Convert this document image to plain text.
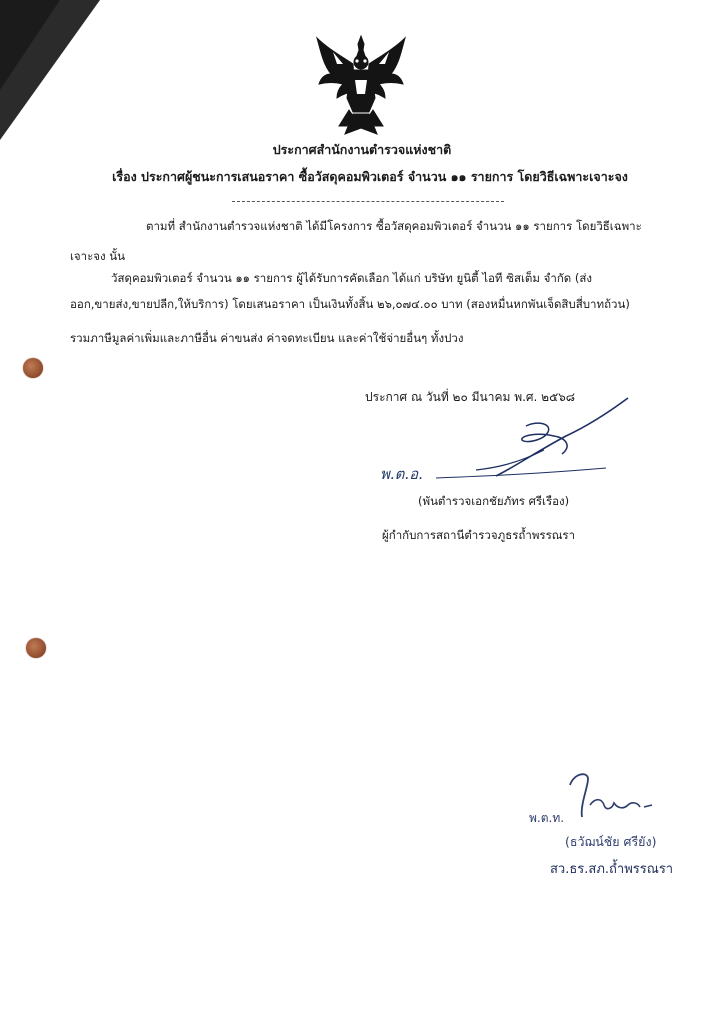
ประกาศสำนักงานตำรวจแห่งชาติ
เรื่อง ประกาศผู้ชนะการเสนอราคา ซื้อวัสดุคอมพิวเตอร์ จำนวน ๑๑ รายการ โดยวิธีเฉพาะเจาะจง
ตามที่ สำนักงานตำรวจแห่งชาติ ได้มีโครงการ ซื้อวัสดุคอมพิวเตอร์ จำนวน ๑๑ รายการ โดยวิธีเฉพาะ
เจาะจง นั้น
วัสดุคอมพิวเตอร์ จำนวน ๑๑ รายการ ผู้ได้รับการคัดเลือก ได้แก่ บริษัท ยูนิตี้ ไอที ซิสเต็ม จำกัด (ส่ง
ออก,ขายส่ง,ขายปลีก,ให้บริการ) โดยเสนอราคา เป็นเงินทั้งสิ้น ๒๖,๐๗๔.๐๐ บาท (สองหมื่นหกพันเจ็ดสิบสี่บาทถ้วน)
รวมภาษีมูลค่าเพิ่มและภาษีอื่น ค่าขนส่ง ค่าจดทะเบียน และค่าใช้จ่ายอื่นๆ ทั้งปวง
ประกาศ ณ วันที่ ๒๐ มีนาคม พ.ศ. ๒๕๖๘
พ.ต.อ.
(พันตำรวจเอกชัยภัทร ศรีเรือง)
ผู้กำกับการสถานีตำรวจภูธรถ้ำพรรณรา
พ.ต.ท.
(ธวัฌน์ชัย ศรียัง)
สว.ธร.สภ.ถ้ำพรรณรา
